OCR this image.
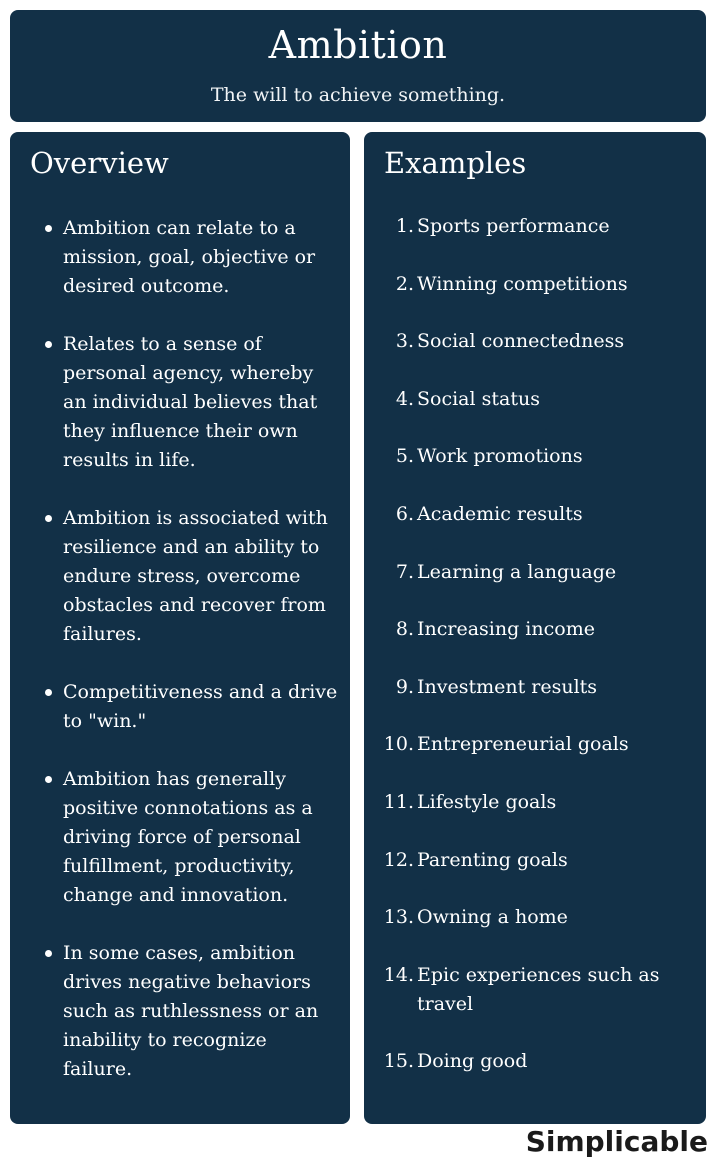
Ambition
The will to achieve something.
Overview
Ambition can relate to a mission, goal, objective or desired outcome.
Relates to a sense of personal agency, whereby an individual believes that they influence their own results in life.
Ambition is associated with resilience and an ability to endure stress, overcome obstacles and recover from failures.
Competitiveness and a drive to "win."
Ambition has generally positive connotations as a driving force of personal fulfillment, productivity, change and innovation.
In some cases, ambition drives negative behaviors such as ruthlessness or an inability to recognize failure.
Examples
1 . Sports performance
2 . Winning competitions
3 . Social connectedness
4 . Social status
5 . Work promotions
6 . Academic results
7 . Learning a language
8 . Increasing income
9 . Investment results
10 . Entrepreneurial goals
11 . Lifestyle goals
12 . Parenting goals
13 . Owning a home
14 . Epic experiences such as travel
15 . Doing good
Simplicable
